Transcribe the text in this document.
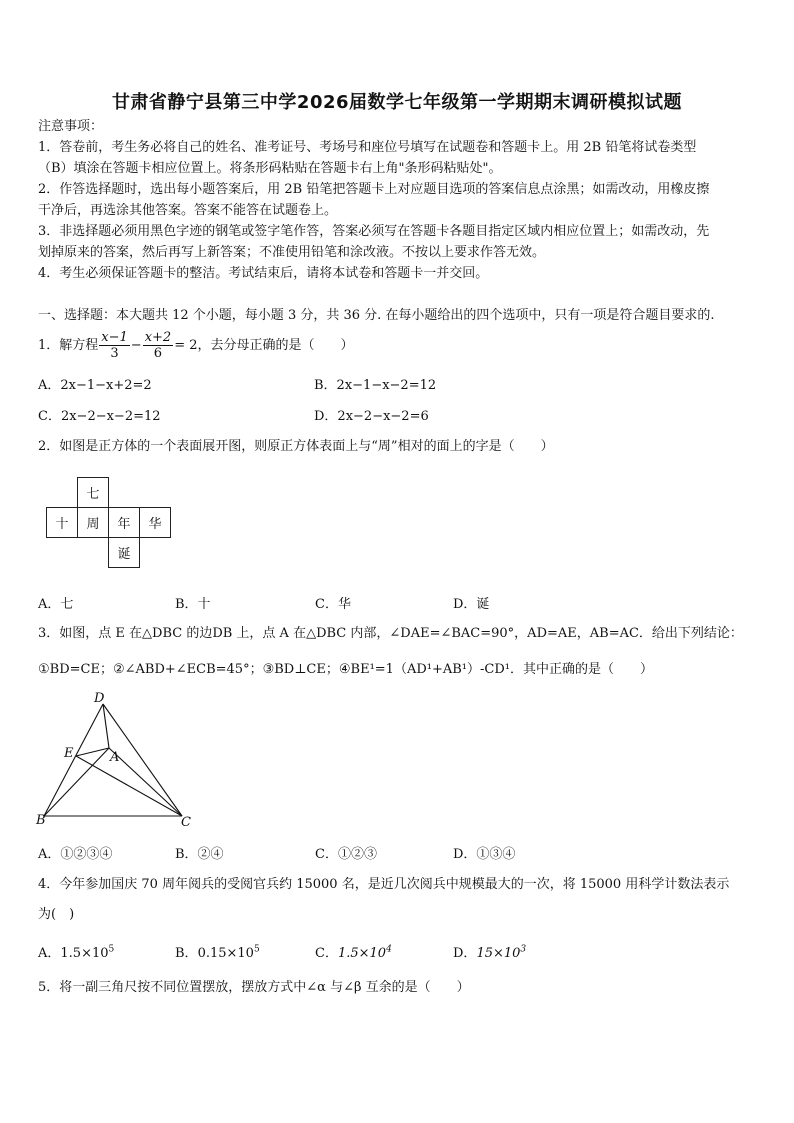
甘肃省静宁县第三中学2026届数学七年级第一学期期末调研模拟试题
注意事项：
1．答卷前，考生务必将自己的姓名、准考证号、考场号和座位号填写在试题卷和答题卡上。用 2B 铅笔将试卷类型
（B）填涂在答题卡相应位置上。将条形码粘贴在答题卡右上角"条形码粘贴处"。
2．作答选择题时，选出每小题答案后，用 2B 铅笔把答题卡上对应题目选项的答案信息点涂黑；如需改动，用橡皮擦
干净后，再选涂其他答案。答案不能答在试题卷上。
3．非选择题必须用黑色字迹的钢笔或签字笔作答，答案必须写在答题卡各题目指定区域内相应位置上；如需改动，先
划掉原来的答案，然后再写上新答案；不准使用铅笔和涂改液。不按以上要求作答无效。
4．考生必须保证答题卡的整洁。考试结束后，请将本试卷和答题卡一并交回。
一、选择题：本大题共 12 个小题，每小题 3 分，共 36 分. 在每小题给出的四个选项中，只有一项是符合题目要求的.
1．解方程 $\frac{x-1}{3} - \frac{x+2}{6} = 2$，去分母正确的是（　　）
A．2x−1−x+2=2	B．2x−1−x−2=12
C．2x−2−x−2=12	D．2x−2−x−2=6
2．如图是正方体的一个表面展开图，则原正方体表面上与“周”相对的面上的字是（　　）
	七		
十	周	年	华
		诞	
A．七	B．十	C．华	D．诞
3．如图，点 E 在△DBC 的边DB 上，点 A 在△DBC 内部，∠DAE=∠BAC=90°，AD=AE，AB=AC．给出下列结论：
①BD=CE；②∠ABD+∠ECB=45°；③BD⊥CE；④BE¹=1（AD¹+AB¹）-CD¹．其中正确的是（　　）
D
E	A
B	C
A．①②③④	B．②④	C．①②③	D．①③④
4．今年参加国庆 70 周年阅兵的受阅官兵约 15000 名，是近几次阅兵中规模最大的一次，将 15000 用科学计数法表示
为(　)
A．$1.5\times 10^5$	B．$0.15\times 10^5$	C．$1.5\times 10^4$	D．$15\times 10^3$
5．将一副三角尺按不同位置摆放，摆放方式中∠α 与∠β 互余的是（　　）
